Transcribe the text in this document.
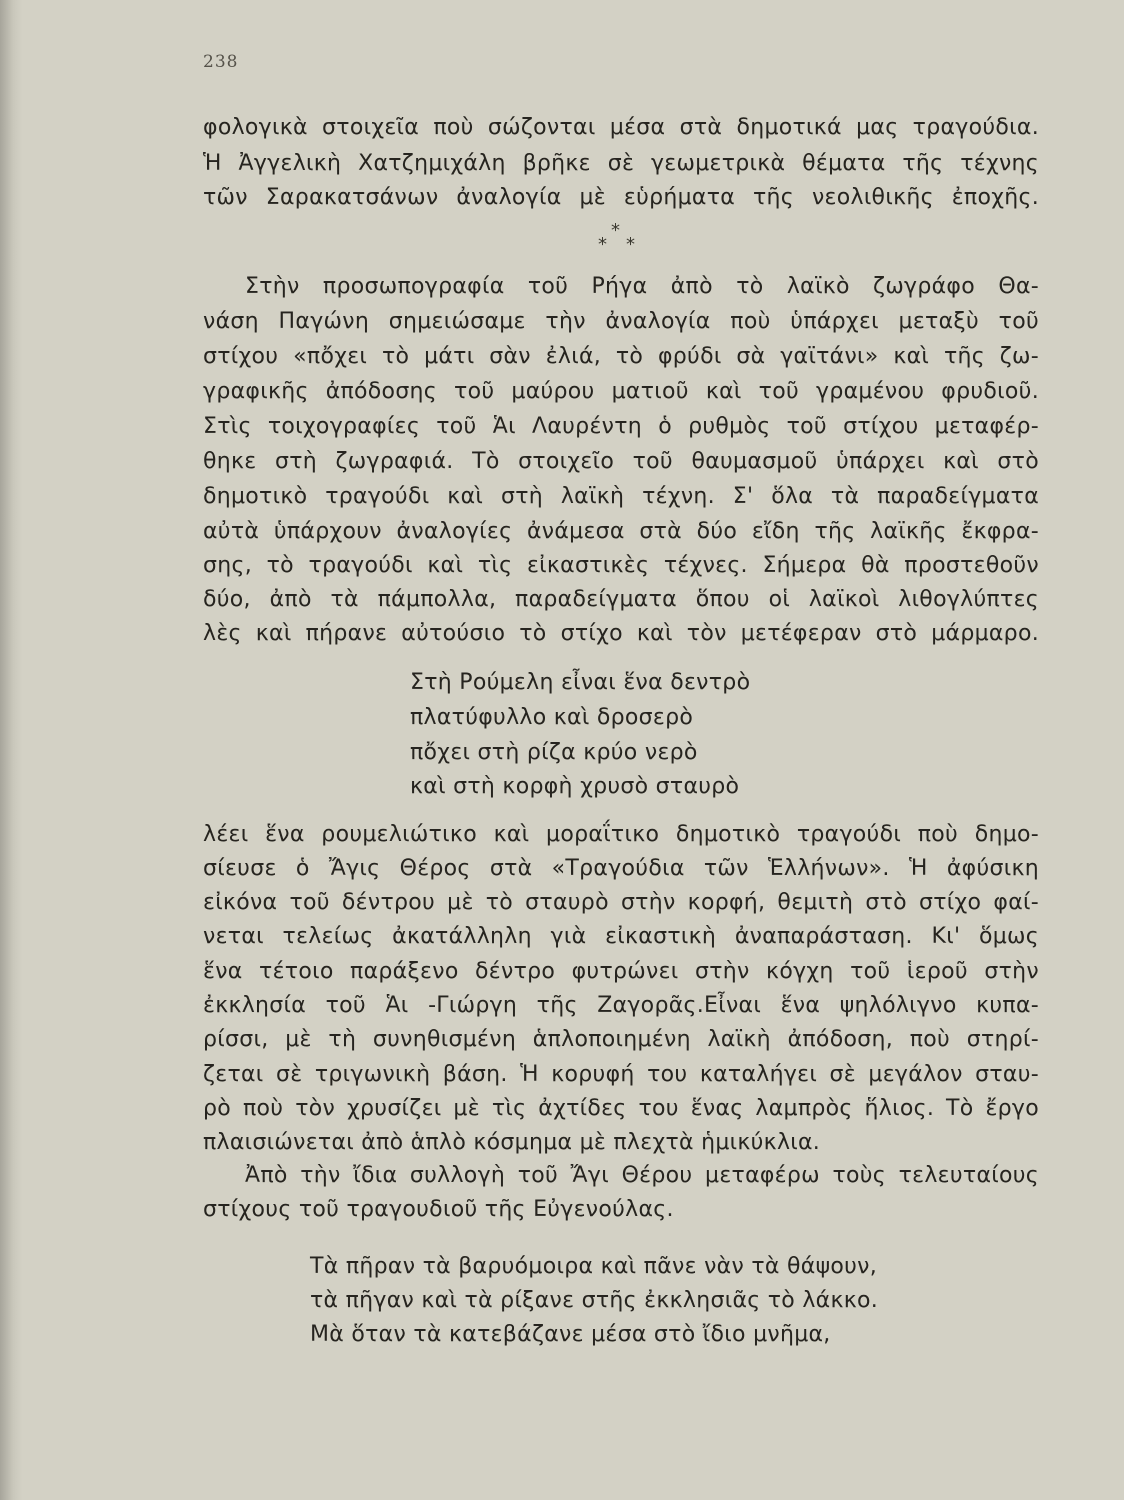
238
φολογικὰ στοιχεῖα ποὺ σώζονται μέσα στὰ δημοτικά μας τραγούδια.
Ἡ Ἀγγελικὴ Χατζημιχάλη βρῆκε σὲ γεωμετρικὰ θέματα τῆς τέχνης
τῶν Σαρακατσάνων ἀναλογία μὲ εὑρήματα τῆς νεολιθικῆς ἐποχῆς.
*
* *
Στὴν προσωπογραφία τοῦ Ρήγα ἀπὸ τὸ λαϊκὸ ζωγράφο Θα-
νάση Παγώνη σημειώσαμε τὴν ἀναλογία ποὺ ὑπάρχει μεταξὺ τοῦ
στίχου «πὄχει τὸ μάτι σὰν ἐλιά, τὸ φρύδι σὰ γαϊτάνι» καὶ τῆς ζω-
γραφικῆς ἀπόδοσης τοῦ μαύρου ματιοῦ καὶ τοῦ γραμένου φρυδιοῦ.
Στὶς τοιχογραφίες τοῦ Ἁι Λαυρέντη ὁ ρυθμὸς τοῦ στίχου μεταφέρ-
θηκε στὴ ζωγραφιά. Τὸ στοιχεῖο τοῦ θαυμασμοῦ ὑπάρχει καὶ στὸ
δημοτικὸ τραγούδι καὶ στὴ λαϊκὴ τέχνη. Σ' ὅλα τὰ παραδείγματα
αὐτὰ ὑπάρχουν ἀναλογίες ἀνάμεσα στὰ δύο εἴδη τῆς λαϊκῆς ἔκφρα-
σης, τὸ τραγούδι καὶ τὶς εἰκαστικὲς τέχνες. Σήμερα θὰ προστεθοῦν
δύο, ἀπὸ τὰ πάμπολλα, παραδείγματα ὅπου οἱ λαϊκοὶ λιθογλύπτες
λὲς καὶ πήρανε αὐτούσιο τὸ στίχο καὶ τὸν μετέφεραν στὸ μάρμαρο.
Στὴ Ρούμελη εἶναι ἕνα δεντρὸ
πλατύφυλλο καὶ δροσερὸ
πὄχει στὴ ρίζα κρύο νερὸ
καὶ στὴ κορφὴ χρυσὸ σταυρὸ
λέει ἕνα ρουμελιώτικο καὶ μοραΐτικο δημοτικὸ τραγούδι ποὺ δημο-
σίευσε ὁ Ἄγις Θέρος στὰ «Τραγούδια τῶν Ἑλλήνων». Ἡ ἀφύσικη
εἰκόνα τοῦ δέντρου μὲ τὸ σταυρὸ στὴν κορφή, θεμιτὴ στὸ στίχο φαί-
νεται τελείως ἀκατάλληλη γιὰ εἰκαστικὴ ἀναπαράσταση. Κι' ὅμως
ἕνα τέτοιο παράξενο δέντρο φυτρώνει στὴν κόγχη τοῦ ἱεροῦ στὴν
ἐκκλησία τοῦ Ἁι -Γιώργη τῆς Ζαγορᾶς.Εἶναι ἕνα ψηλόλιγνο κυπα-
ρίσσι, μὲ τὴ συνηθισμένη ἁπλοποιημένη λαϊκὴ ἀπόδοση, ποὺ στηρί-
ζεται σὲ τριγωνικὴ βάση. Ἡ κορυφή του καταλήγει σὲ μεγάλον σταυ-
ρὸ ποὺ τὸν χρυσίζει μὲ τὶς ἀχτίδες του ἕνας λαμπρὸς ἥλιος. Τὸ ἔργο
πλαισιώνεται ἀπὸ ἁπλὸ κόσμημα μὲ πλεχτὰ ἡμικύκλια.
Ἀπὸ τὴν ἴδια συλλογὴ τοῦ Ἄγι Θέρου μεταφέρω τοὺς τελευταίους
στίχους τοῦ τραγουδιοῦ τῆς Εὐγενούλας.
Τὰ πῆραν τὰ βαρυόμοιρα καὶ πᾶνε νὰν τὰ θάψουν,
τὰ πῆγαν καὶ τὰ ρίξανε στῆς ἐκκλησιᾶς τὸ λάκκο.
Μὰ ὅταν τὰ κατεβάζανε μέσα στὸ ἴδιο μνῆμα,
